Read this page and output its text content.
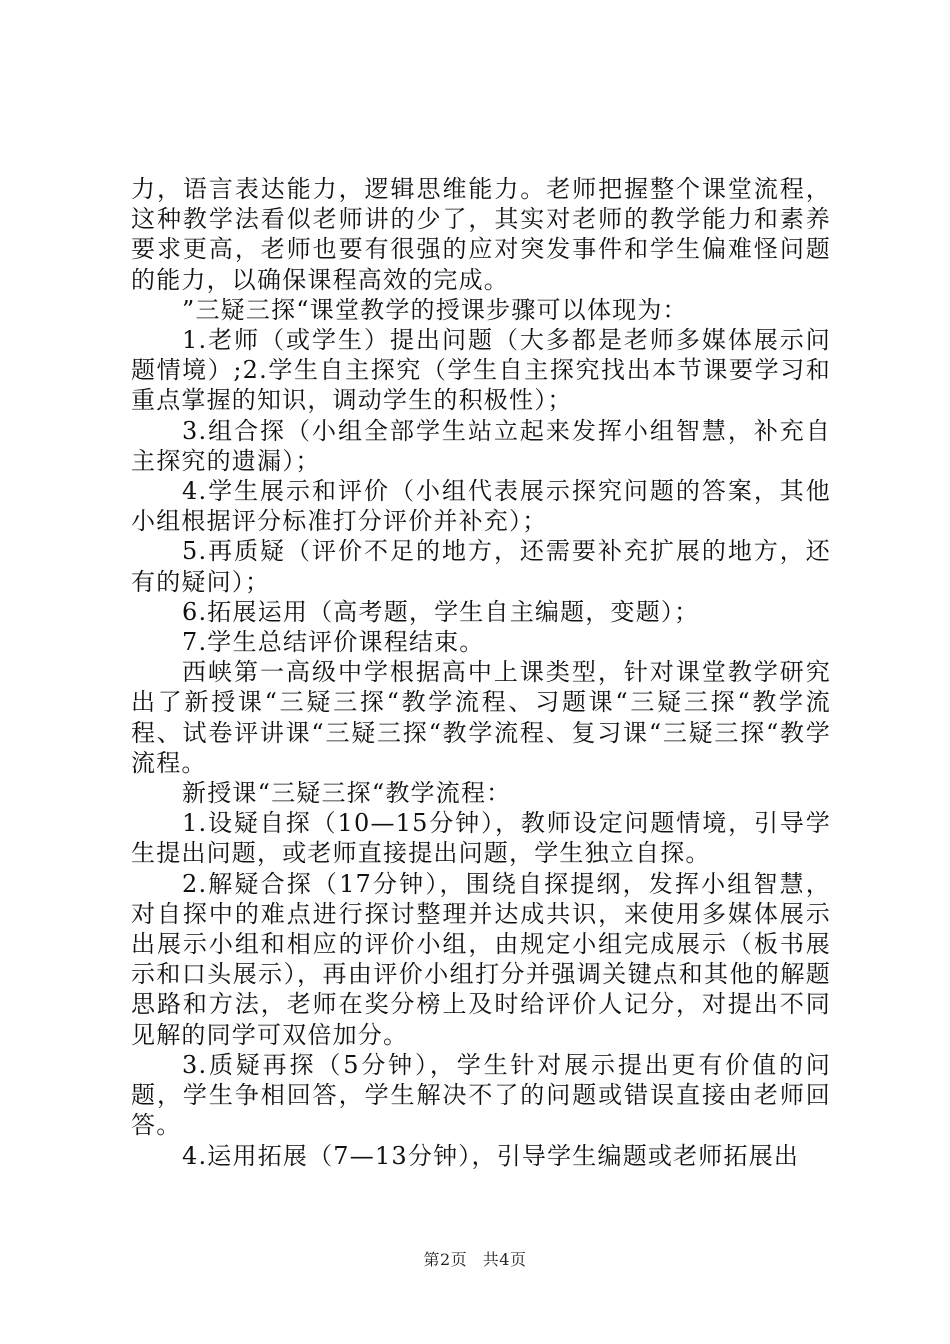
力，语言表达能力，逻辑思维能力。老师把握整个课堂流程，这种教学法看似老师讲的少了，其实对老师的教学能力和素养要求更高，老师也要有很强的应对突发事件和学生偏难怪问题的能力，以确保课程高效的完成。

”三疑三探“课堂教学的授课步骤可以体现为：

1.老师（或学生）提出问题（大多都是老师多媒体展示问题情境）;2.学生自主探究（学生自主探究找出本节课要学习和重点掌握的知识，调动学生的积极性）；

3.组合探（小组全部学生站立起来发挥小组智慧，补充自主探究的遗漏）；

4.学生展示和评价（小组代表展示探究问题的答案，其他小组根据评分标准打分评价并补充）；

5.再质疑（评价不足的地方，还需要补充扩展的地方，还有的疑问）；

6.拓展运用（高考题，学生自主编题，变题）；

7.学生总结评价课程结束。

西峡第一高级中学根据高中上课类型，针对课堂教学研究出了新授课“三疑三探“教学流程、习题课“三疑三探“教学流程、试卷评讲课“三疑三探“教学流程、复习课“三疑三探“教学流程。

新授课“三疑三探“教学流程：

1.设疑自探（10—15分钟），教师设定问题情境，引导学生提出问题，或老师直接提出问题，学生独立自探。

2.解疑合探（17分钟），围绕自探提纲，发挥小组智慧，对自探中的难点进行探讨整理并达成共识，来使用多媒体展示出展示小组和相应的评价小组，由规定小组完成展示（板书展示和口头展示），再由评价小组打分并强调关键点和其他的解题思路和方法，老师在奖分榜上及时给评价人记分，对提出不同见解的同学可双倍加分。

3.质疑再探（5分钟），学生针对展示提出更有价值的问题，学生争相回答，学生解决不了的问题或错误直接由老师回答。

4.运用拓展（7—13分钟），引导学生编题或老师拓展出

第2页 共4页
